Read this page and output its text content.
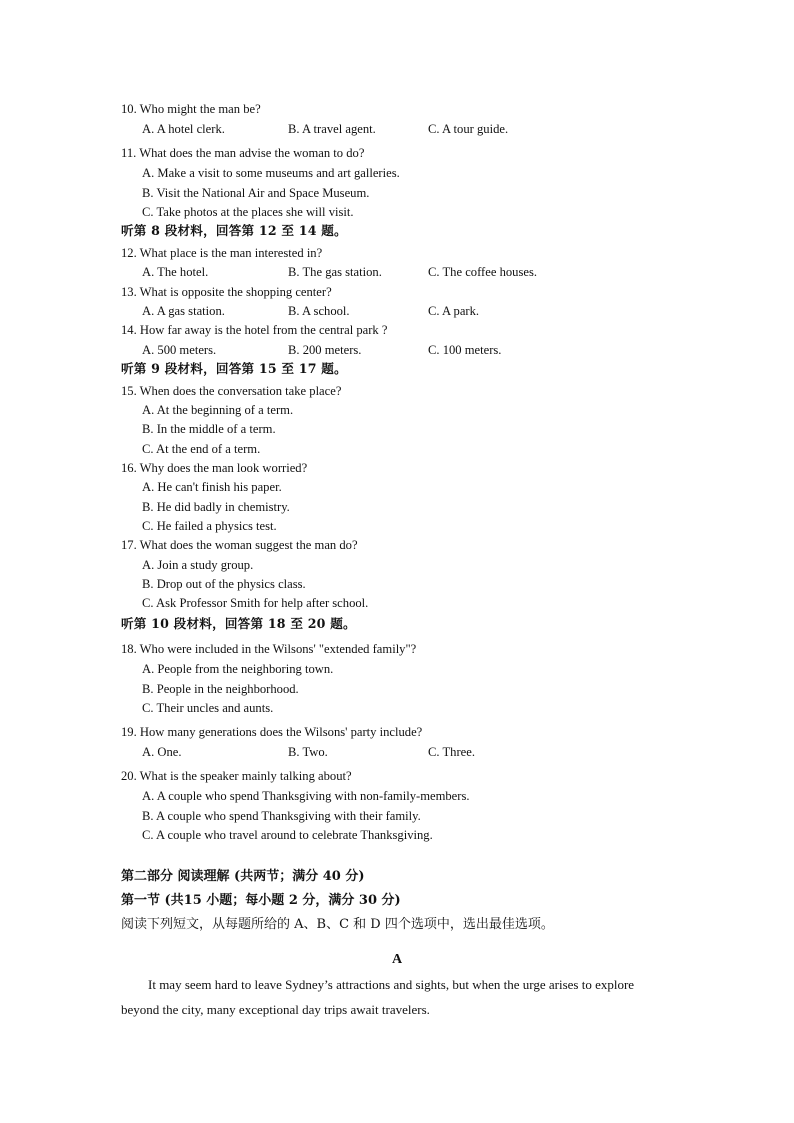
10. Who might the man be?
A. A hotel clerk.	B. A travel agent.	C. A tour guide.
11. What does the man advise the woman to do?
A. Make a visit to some museums and art galleries.
B. Visit the National Air and Space Museum.
C. Take photos at the places she will visit.
听第 8 段材料，回答第 12 至 14 题。
12. What place is the man interested in?
A. The hotel.	B. The gas station.	C. The coffee houses.
13. What is opposite the shopping center?
A. A gas station.	B. A school.	C. A park.
14. How far away is the hotel from the central park ?
A. 500 meters.	B. 200 meters.	C. 100 meters.
听第 9 段材料，回答第 15 至 17 题。
15. When does the conversation take place?
A. At the beginning of a term.
B. In the middle of a term.
C. At the end of a term.
16. Why does the man look worried?
A. He can't finish his paper.
B. He did badly in chemistry.
C. He failed a physics test.
17. What does the woman suggest the man do?
A. Join a study group.
B. Drop out of the physics class.
C. Ask Professor Smith for help after school.
听第 10 段材料，回答第 18 至 20 题。
18. Who were included in the Wilsons' "extended family"?
A. People from the neighboring town.
B. People in the neighborhood.
C. Their uncles and aunts.
19. How many generations does the Wilsons' party include?
A. One.	B. Two.	C. Three.
20. What is the speaker mainly talking about?
A. A couple who spend Thanksgiving with non-family-members.
B. A couple who spend Thanksgiving with their family.
C. A couple who travel around to celebrate Thanksgiving.
第二部分 阅读理解 (共两节；满分 40 分)
第一节 (共15 小题；每小题 2 分，满分 30 分)
阅读下列短文，从每题所给的 A、B、C 和 D 四个选项中，选出最佳选项。
A
It may seem hard to leave Sydney’s attractions and sights, but when the urge arises to explore
beyond the city, many exceptional day trips await travelers.
